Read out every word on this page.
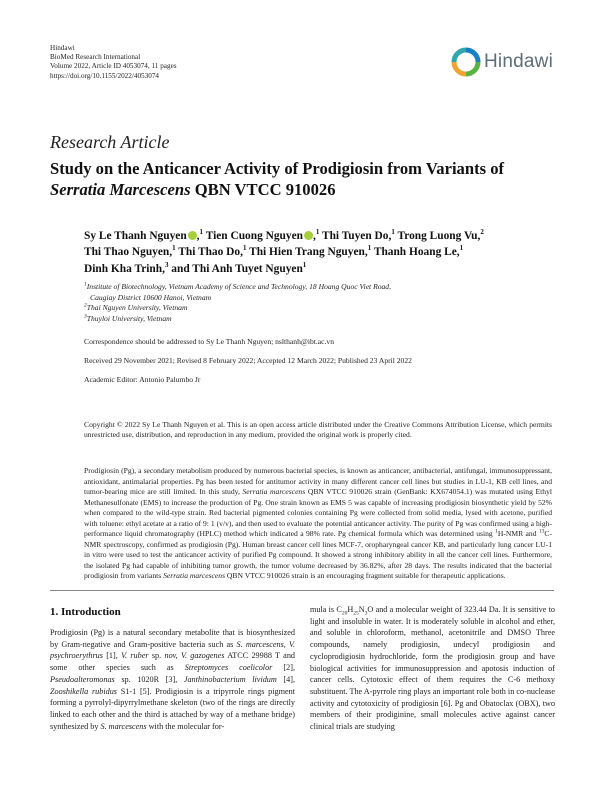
Hindawi
BioMed Research International
Volume 2022, Article ID 4053074, 11 pages
https://doi.org/10.1155/2022/4053074
Hindawi
Research Article
Study on the Anticancer Activity of Prodigiosin from Variants of
Serratia Marcescens QBN VTCC 910026
Sy Le Thanh Nguyen ,$^1$ Tien Cuong Nguyen ,$^1$ Thi Tuyen Do,$^1$ Trong Luong Vu,$^2$
Thi Thao Nguyen,$^1$ Thi Thao Do,$^1$ Thi Hien Trang Nguyen,$^1$ Thanh Hoang Le,$^1$
Dinh Kha Trinh,$^3$ and Thi Anh Tuyet Nguyen$^1$
$^1$Institute of Biotechnology, Vietnam Academy of Science and Technology, 18 Hoang Quoc Viet Road,
Caugiay District 10600 Hanoi, Vietnam
$^2$Thai Nguyen University, Vietnam
$^3$Thuyloi University, Vietnam
Correspondence should be addressed to Sy Le Thanh Nguyen; nslthanh@ibt.ac.vn
Received 29 November 2021; Revised 8 February 2022; Accepted 12 March 2022; Published 23 April 2022
Academic Editor: Antonio Palumbo Jr
Copyright © 2022 Sy Le Thanh Nguyen et al. This is an open access article distributed under the Creative Commons Attribution License, which permits unrestricted use, distribution, and reproduction in any medium, provided the original work is properly cited.
Prodigiosin (Pg), a secondary metabolism produced by numerous bacterial species, is known as anticancer, antibacterial, antifungal, immunosuppressant, antioxidant, antimalarial properties. Pg has been tested for antitumor activity in many different cancer cell lines but studies in LU-1, KB cell lines, and tumor-bearing mice are still limited. In this study, Serratia marcescens QBN VTCC 910026 strain (GenBank: KX674054.1) was mutated using Ethyl Methanesulfonate (EMS) to increase the production of Pg. One strain known as EMS 5 was capable of increasing prodigiosin biosynthetic yield by 52% when compared to the wild-type strain. Red bacterial pigmented colonies containing Pg were collected from solid media, lysed with acetone, purified with toluene: ethyl acetate at a ratio of 9: 1 (v/v), and then used to evaluate the potential anticancer activity. The purity of Pg was confirmed using a high-performance liquid chromatography (HPLC) method which indicated a 98% rate. Pg chemical formula which was determined using $^1$H-NMR and $^{13}$C-NMR spectroscopy, confirmed as prodigiosin (Pg). Human breast cancer cell lines MCF-7, oropharyngeal cancer KB, and particularly lung cancer LU-1 in vitro were used to test the anticancer activity of purified Pg compound. It showed a strong inhibitory ability in all the cancer cell lines. Furthermore, the isolated Pg had capable of inhibiting tumor growth, the tumor volume decreased by 36.82%, after 28 days. The results indicated that the bacterial prodigiosin from variants Serratia marcescens QBN VTCC 910026 strain is an encouraging fragment suitable for therapeutic applications.
1. Introduction
Prodigiosin (Pg) is a natural secondary metabolite that is biosynthesized by Gram-negative and Gram-positive bacteria such as S. marcescens, V. psychroerythrus [1], V. ruber sp. nov, V. gazogenes ATCC 29988 T and some other species such as Streptomyces coelicolor [2], Pseudoalteromonas sp. 1020R [3], Janthinobacterium lividum [4], Zooshikella rubidus S1-1 [5]. Prodigiosin is a tripyrrole rings pigment forming a pyrrolyl-dipyrrylmethane skeleton (two of the rings are directly linked to each other and the third is attached by way of a methane bridge) synthesized by S. marcescens with the molecular for-
mula is $C_{20}H_{25}N_3O$ and a molecular weight of 323.44 Da. It is sensitive to light and insoluble in water. It is moderately soluble in alcohol and ether, and soluble in chloroform, methanol, acetonitrile and DMSO Three compounds, namely prodigiosin, undecyl prodigiosin and cycloprodigiosin hydrochloride, form the prodigiosin group and have biological activities for immunosuppression and apotosis induction of cancer cells. Cytotoxic effect of them requires the C-6 methoxy substituent. The A-pyrrole ring plays an important role both in co-nuclease activity and cytotoxicity of prodigiosin [6]. Pg and Obatoclax (OBX), two members of their prodiginine, small molecules active against cancer clinical trials are studying
